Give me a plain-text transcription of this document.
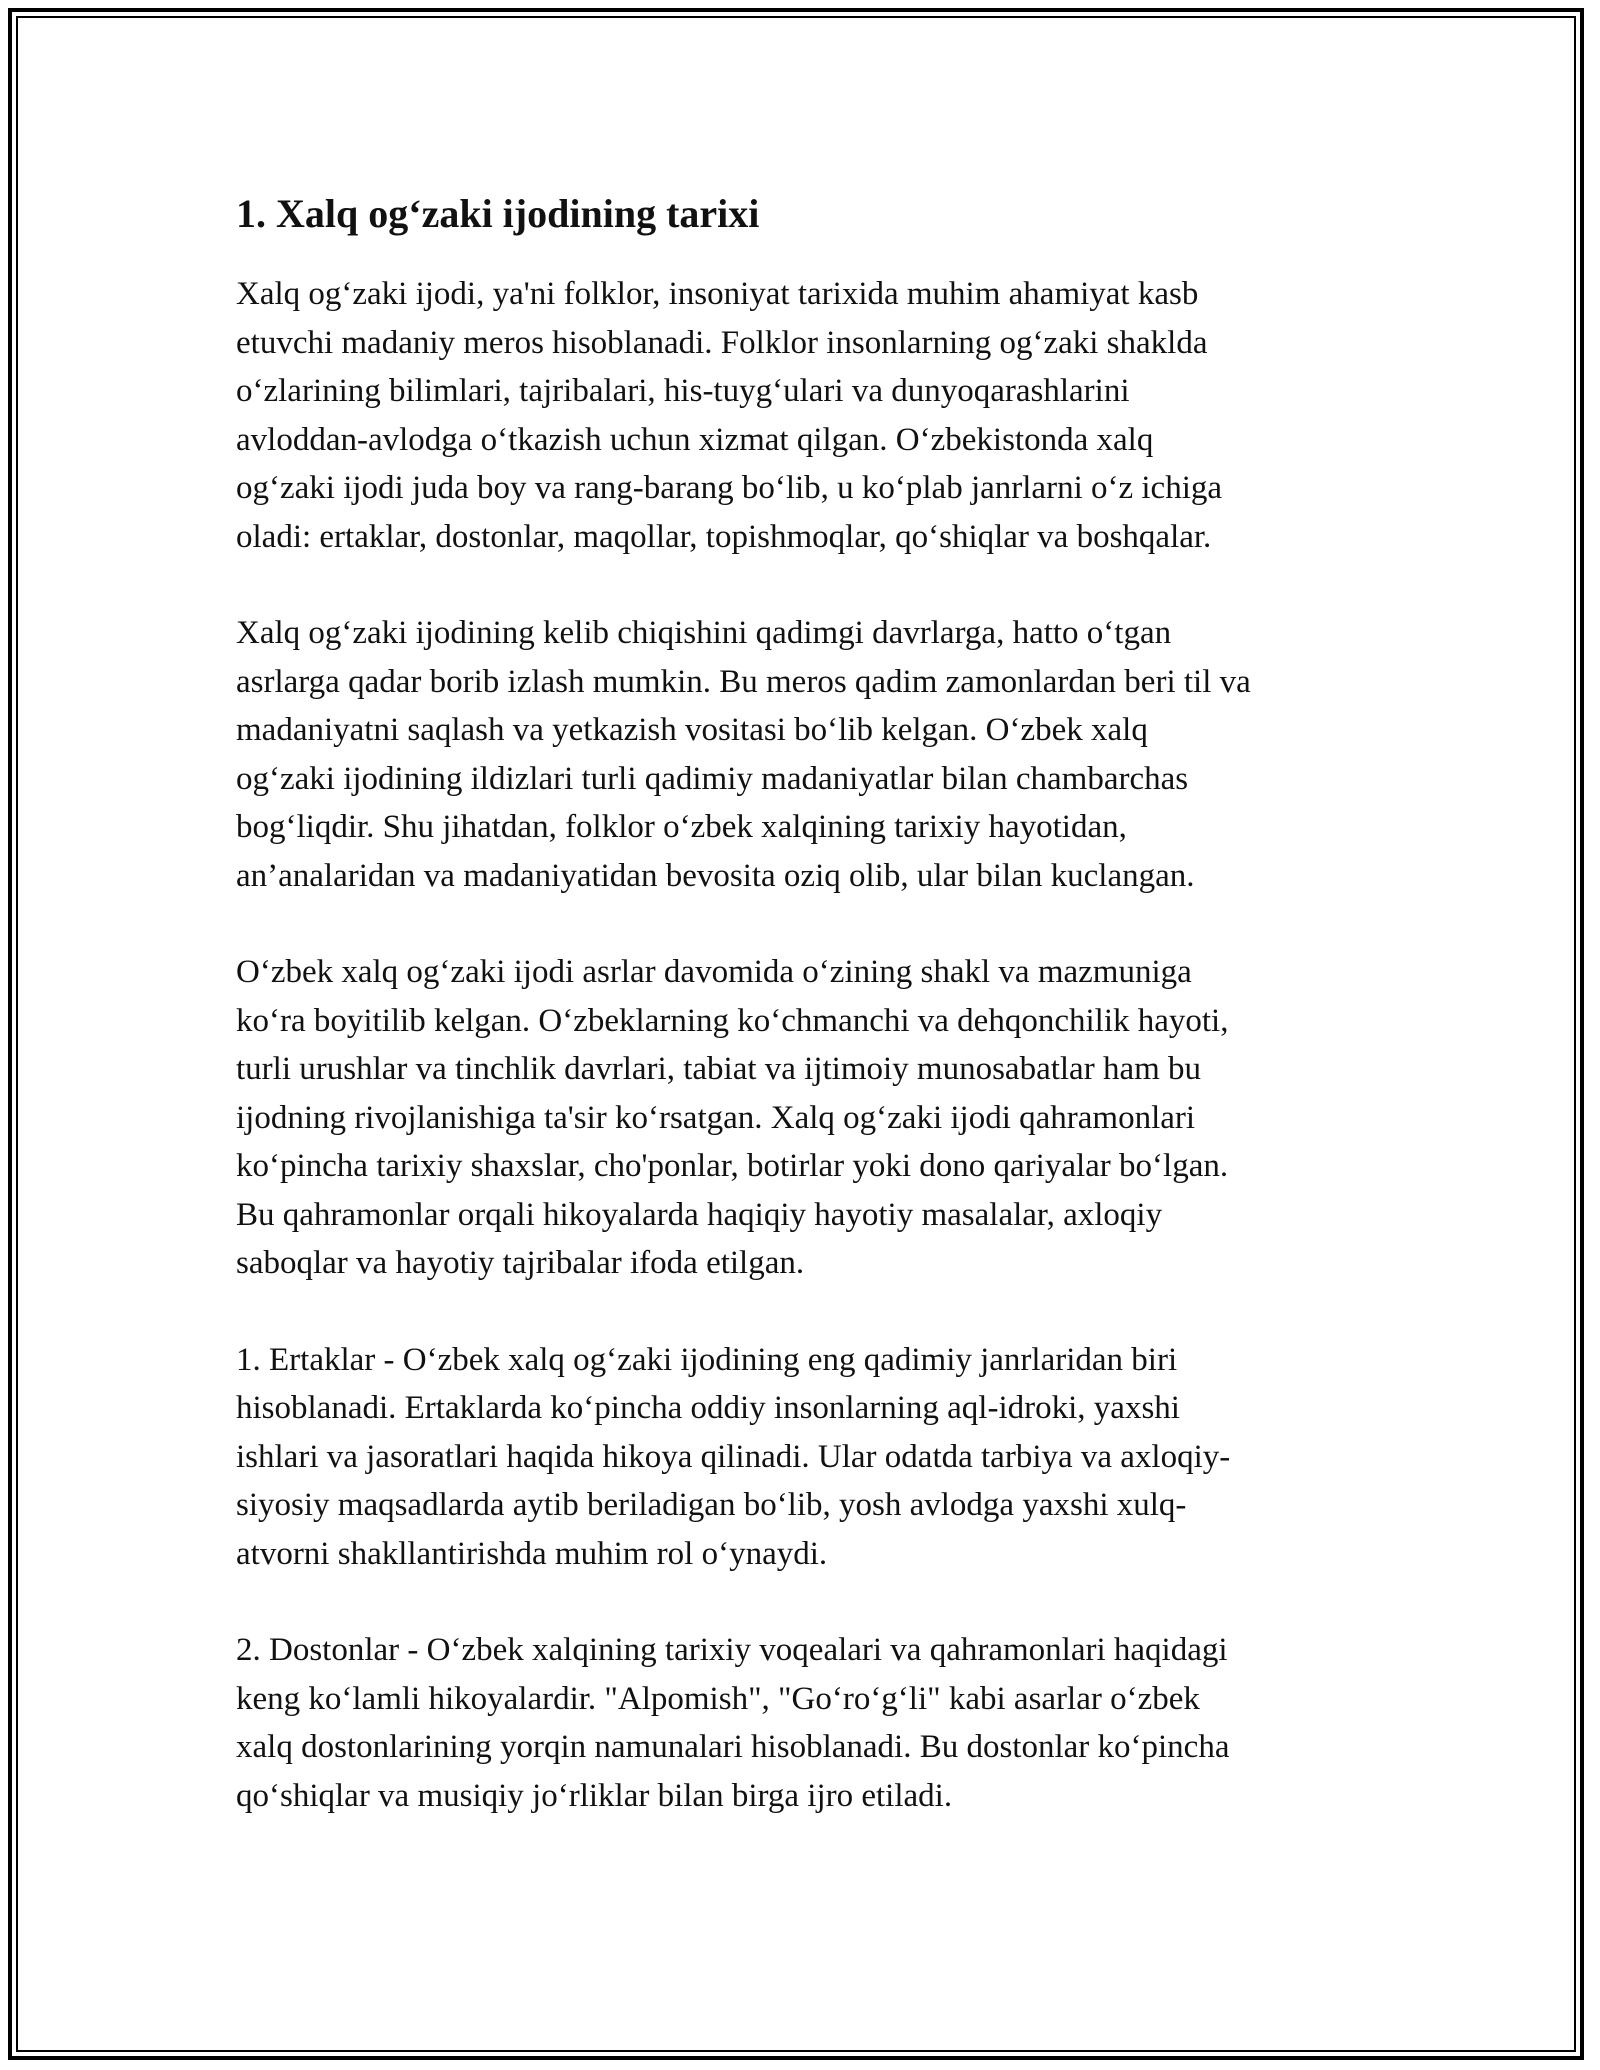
1. Xalq og‘zaki ijodining tarixi

Xalq og‘zaki ijodi, ya'ni folklor, insoniyat tarixida muhim ahamiyat kasb
etuvchi madaniy meros hisoblanadi. Folklor insonlarning og‘zaki shaklda
o‘zlarining bilimlari, tajribalari, his-tuyg‘ulari va dunyoqarashlarini
avloddan-avlodga o‘tkazish uchun xizmat qilgan. O‘zbekistonda xalq
og‘zaki ijodi juda boy va rang-barang bo‘lib, u ko‘plab janrlarni o‘z ichiga
oladi: ertaklar, dostonlar, maqollar, topishmoqlar, qo‘shiqlar va boshqalar.

Xalq og‘zaki ijodining kelib chiqishini qadimgi davrlarga, hatto o‘tgan
asrlarga qadar borib izlash mumkin. Bu meros qadim zamonlardan beri til va
madaniyatni saqlash va yetkazish vositasi bo‘lib kelgan. O‘zbek xalq
og‘zaki ijodining ildizlari turli qadimiy madaniyatlar bilan chambarchas
bog‘liqdir. Shu jihatdan, folklor o‘zbek xalqining tarixiy hayotidan,
an’analaridan va madaniyatidan bevosita oziq olib, ular bilan kuclangan.

O‘zbek xalq og‘zaki ijodi asrlar davomida o‘zining shakl va mazmuniga
ko‘ra boyitilib kelgan. O‘zbeklarning ko‘chmanchi va dehqonchilik hayoti,
turli urushlar va tinchlik davrlari, tabiat va ijtimoiy munosabatlar ham bu
ijodning rivojlanishiga ta'sir ko‘rsatgan. Xalq og‘zaki ijodi qahramonlari
ko‘pincha tarixiy shaxslar, cho'ponlar, botirlar yoki dono qariyalar bo‘lgan.
Bu qahramonlar orqali hikoyalarda haqiqiy hayotiy masalalar, axloqiy
saboqlar va hayotiy tajribalar ifoda etilgan.

1. Ertaklar - O‘zbek xalq og‘zaki ijodining eng qadimiy janrlaridan biri
hisoblanadi. Ertaklarda ko‘pincha oddiy insonlarning aql-idroki, yaxshi
ishlari va jasoratlari haqida hikoya qilinadi. Ular odatda tarbiya va axloqiy-
siyosiy maqsadlarda aytib beriladigan bo‘lib, yosh avlodga yaxshi xulq-
atvorni shakllantirishda muhim rol o‘ynaydi.

2. Dostonlar - O‘zbek xalqining tarixiy voqealari va qahramonlari haqidagi
keng ko‘lamli hikoyalardir. "Alpomish", "Go‘ro‘g‘li" kabi asarlar o‘zbek
xalq dostonlarining yorqin namunalari hisoblanadi. Bu dostonlar ko‘pincha
qo‘shiqlar va musiqiy jo‘rliklar bilan birga ijro etiladi.
